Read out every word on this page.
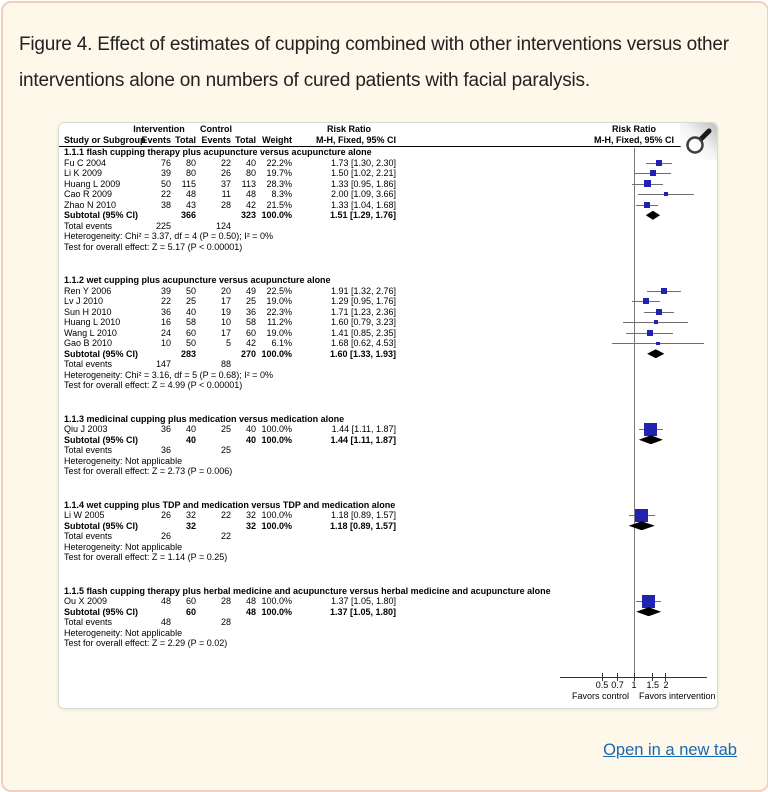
Figure 4. Effect of estimates of cupping combined with other interventions versus other interventions alone on numbers of cured patients with facial paralysis.
Intervention	Control	Risk Ratio	Risk Ratio
Study or Subgroup
Events Total Events Total Weight	M-H, Fixed, 95% CI	M-H, Fixed, 95% CI
1.1.1 flash cupping therapy plus acupuncture versus acupuncture alone
Fu C 2004	76	80	22	40	22.2%	1.73 [1.30, 2.30]
Li K 2009	39	80	26	80	19.7%	1.50 [1.02, 2.21]
Huang L 2009	50	115	37	113	28.3%	1.33 [0.95, 1.86]
Cao R 2009	22	48	11	48	8.3%	2.00 [1.09, 3.66]
Zhao N 2010	38	43	28	42	21.5%	1.33 [1.04, 1.68]
Subtotal (95% CI)	366	323 100.0%	1.51 [1.29, 1.76]
Total events	225	124
Heterogeneity: Chi² = 3.37, df = 4 (P = 0.50); I² = 0%
Test for overall effect: Z = 5.17 (P < 0.00001)
1.1.2 wet cupping plus acupuncture versus acupuncture alone
Ren Y 2006	39	50	20	49	22.5%	1.91 [1.32, 2.76]
Lv J 2010	22	25	17	25	19.0%	1.29 [0.95, 1.76]
Sun H 2010	36	40	19	36	22.3%	1.71 [1.23, 2.36]
Huang L 2010	16	58	10	58	11.2%	1.60 [0.79, 3.23]
Wang L 2010	24	60	17	60	19.0%	1.41 [0.85, 2.35]
Gao B 2010	10	50	5	42	6.1%	1.68 [0.62, 4.53]
Subtotal (95% CI)	283	270 100.0%	1.60 [1.33, 1.93]
Total events	147	88
Heterogeneity: Chi² = 3.16, df = 5 (P = 0.68); I² = 0%
Test for overall effect: Z = 4.99 (P < 0.00001)
1.1.3 medicinal cupping plus medication versus medication alone
Qiu J 2003	36	40	25	40 100.0%	1.44 [1.11, 1.87]
Subtotal (95% CI)	40	40 100.0%	1.44 [1.11, 1.87]
Total events	36	25
Heterogeneity: Not applicable
Test for overall effect: Z = 2.73 (P = 0.006)
1.1.4 wet cupping plus TDP and medication versus TDP and medication alone
Li W 2005	26	32	22	32 100.0%	1.18 [0.89, 1.57]
Subtotal (95% CI)	32	32 100.0%	1.18 [0.89, 1.57]
Total events	26	22
Heterogeneity: Not applicable
Test for overall effect: Z = 1.14 (P = 0.25)
1.1.5 flash cupping therapy plus herbal medicine and acupuncture versus herbal medicine and acupuncture alone
Ou X 2009	48	60	28	48 100.0%	1.37 [1.05, 1.80]
Subtotal (95% CI)	60	48 100.0%	1.37 [1.05, 1.80]
Total events	48	28
Heterogeneity: Not applicable
Test for overall effect: Z = 2.29 (P = 0.02)
0.5 0.7 1	1.5 2
Favors control Favors intervention
Open in a new tab
